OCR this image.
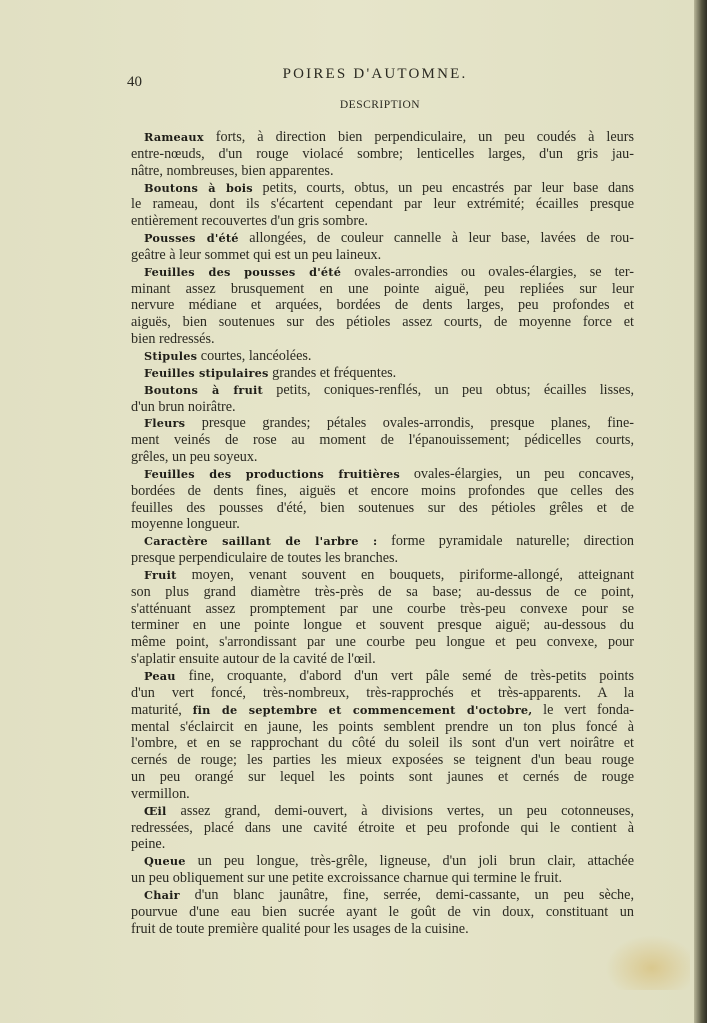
40	POIRES D'AUTOMNE.
DESCRIPTION
Rameaux forts, à direction bien perpendiculaire, un peu coudés à leurs
entre-nœuds, d'un rouge violacé sombre; lenticelles larges, d'un gris jau-
nâtre, nombreuses, bien apparentes.
Boutons à bois petits, courts, obtus, un peu encastrés par leur base dans
le rameau, dont ils s'écartent cependant par leur extrémité; écailles presque
entièrement recouvertes d'un gris sombre.
Pousses d'été allongées, de couleur cannelle à leur base, lavées de rou-
geâtre à leur sommet qui est un peu laineux.
Feuilles des pousses d'été ovales-arrondies ou ovales-élargies, se ter-
minant assez brusquement en une pointe aiguë, peu repliées sur leur
nervure médiane et arquées, bordées de dents larges, peu profondes et
aiguës, bien soutenues sur des pétioles assez courts, de moyenne force et
bien redressés.
Stipules courtes, lancéolées.
Feuilles stipulaires grandes et fréquentes.
Boutons à fruit petits, coniques-renflés, un peu obtus; écailles lisses,
d'un brun noirâtre.
Fleurs presque grandes; pétales ovales-arrondis, presque planes, fine-
ment veinés de rose au moment de l'épanouissement; pédicelles courts,
grêles, un peu soyeux.
Feuilles des productions fruitières ovales-élargies, un peu concaves,
bordées de dents fines, aiguës et encore moins profondes que celles des
feuilles des pousses d'été, bien soutenues sur des pétioles grêles et de
moyenne longueur.
Caractère saillant de l'arbre : forme pyramidale naturelle; direction
presque perpendiculaire de toutes les branches.
Fruit moyen, venant souvent en bouquets, piriforme-allongé, atteignant
son plus grand diamètre très-près de sa base; au-dessus de ce point,
s'atténuant assez promptement par une courbe très-peu convexe pour se
terminer en une pointe longue et souvent presque aiguë; au-dessous du
même point, s'arrondissant par une courbe peu longue et peu convexe, pour
s'aplatir ensuite autour de la cavité de l'œil.
Peau fine, croquante, d'abord d'un vert pâle semé de très-petits points
d'un vert foncé, très-nombreux, très-rapprochés et très-apparents. A la
maturité, fin de septembre et commencement d'octobre, le vert fonda-
mental s'éclaircit en jaune, les points semblent prendre un ton plus foncé à
l'ombre, et en se rapprochant du côté du soleil ils sont d'un vert noirâtre et
cernés de rouge; les parties les mieux exposées se teignent d'un beau rouge
un peu orangé sur lequel les points sont jaunes et cernés de rouge
vermillon.
Œil assez grand, demi-ouvert, à divisions vertes, un peu cotonneuses,
redressées, placé dans une cavité étroite et peu profonde qui le contient à
peine.
Queue un peu longue, très-grêle, ligneuse, d'un joli brun clair, attachée
un peu obliquement sur une petite excroissance charnue qui termine le fruit.
Chair d'un blanc jaunâtre, fine, serrée, demi-cassante, un peu sèche,
pourvue d'une eau bien sucrée ayant le goût de vin doux, constituant un
fruit de toute première qualité pour les usages de la cuisine.
